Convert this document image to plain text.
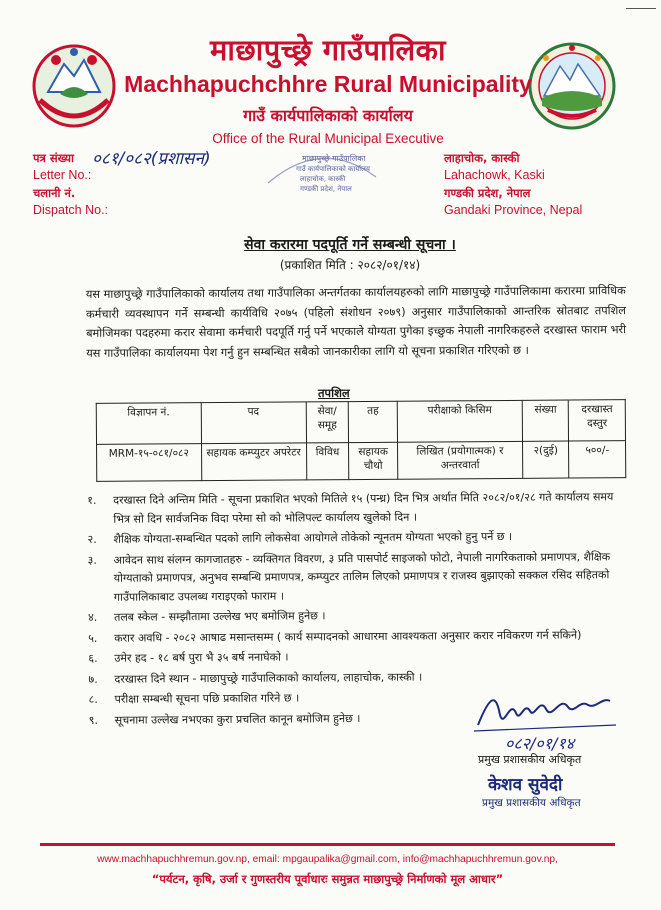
माछापुच्छ्रे गाउँपालिका
Machhapuchchhre Rural Municipality
गाउँ कार्यपालिकाको कार्यालय
Office of the Rural Municipal Executive
पत्र संख्या
Letter No.:
चलानी नं.
Dispatch No.:
०८१/०८२(प्रशासन)	माछापुच्छ्रे गाउँपालिका
गाउँ कार्यपालिकाको कार्यालय
लाहाचोक, कास्की
गण्डकी प्रदेश, नेपाल
लाहाचोक, कास्की
Lahachowk, Kaski
गण्डकी प्रदेश, नेपाल
Gandaki Province, Nepal
सेवा करारमा पदपूर्ति गर्ने सम्बन्धी सूचना ।
(प्रकाशित मिति : २०८२/०१/१४)
यस माछापुच्छ्रे गाउँपालिकाको कार्यालय तथा गाउँपालिका अन्तर्गतका कार्यालयहरुको लागि माछापुच्छ्रे गाउँपालिकामा करारमा प्राविधिक कर्मचारी व्यवस्थापन गर्ने सम्बन्धी कार्यविधि २०७५ (पहिलो संशोधन २०७९) अनुसार गाउँपालिकाको आन्तरिक स्रोतबाट तपशिल बमोजिमका पदहरुमा करार सेवामा कर्मचारी पदपूर्ति गर्नु पर्ने भएकाले योग्यता पुगेका इच्छुक नेपाली नागरिकहरुले दरखास्त फाराम भरी यस गाउँपालिका कार्यालयमा पेश गर्नु हुन सम्बन्धित सबैको जानकारीका लागि यो सूचना प्रकाशित गरिएको छ ।
तपशिल
विज्ञापन नं.	पद	सेवा/समूह	तह	परीक्षाको किसिम	संख्या	दरखास्त दस्तुर
MRM-१५-०८१/०८२	सहायक कम्प्युटर अपरेटर	विविध	सहायक चौथो	लिखित (प्रयोगात्मक) र अन्तरवार्ता	२(दुई)	५००/-
१. दरखास्त दिने अन्तिम मिति - सूचना प्रकाशित भएको मितिले १५ (पन्ध्र) दिन भित्र अर्थात मिति २०८२/०१/२८ गते कार्यालय समय भित्र सो दिन सार्वजनिक विदा परेमा सो को भोलिपल्ट कार्यालय खुलेको दिन ।
२. शैक्षिक योग्यता-सम्बन्धित पदको लागि लोकसेवा आयोगले तोकेको न्यूनतम योग्यता भएको हुनु पर्ने छ ।
३. आवेदन साथ संलग्न कागजातहरु - व्यक्तिगत विवरण, ३ प्रति पासपोर्ट साइजको फोटो, नेपाली नागरिकताको प्रमाणपत्र, शैक्षिक योग्यताको प्रमाणपत्र, अनुभव सम्बन्धि प्रमाणपत्र, कम्प्युटर तालिम लिएको प्रमाणपत्र र राजस्व बुझाएको सक्कल रसिद सहितको गाउँपालिकाबाट उपलब्ध गराइएको फाराम ।
४. तलब स्केल - सम्झौतामा उल्लेख भए बमोजिम हुनेछ ।
५. करार अवधि - २०८२ आषाढ मसान्तसम्म ( कार्य सम्पादनको आधारमा आवश्यकता अनुसार करार नविकरण गर्न सकिने)
६. उमेर हद - १८ बर्ष पुरा भै ३५ बर्ष ननाघेको ।
७. दरखास्त दिने स्थान - माछापुच्छ्रे गाउँपालिकाको कार्यालय, लाहाचोक, कास्की ।
८. परीक्षा सम्बन्धी सूचना पछि प्रकाशित गरिने छ ।
९. सूचनामा उल्लेख नभएका कुरा प्रचलित कानून बमोजिम हुनेछ ।
०८२/०१/१४
प्रमुख प्रशासकीय अधिकृत
केशव सुवेदी
प्रमुख प्रशासकीय अधिकृत
www.machhapuchhremun.gov.np, email: mpgaupalika@gmail.com, info@machhapuchhremun.gov.np,
“पर्यटन, कृषि, उर्जा र गुणस्तरीय पूर्वाधारः समुन्नत माछापुच्छ्रे निर्माणको मूल आधार”
